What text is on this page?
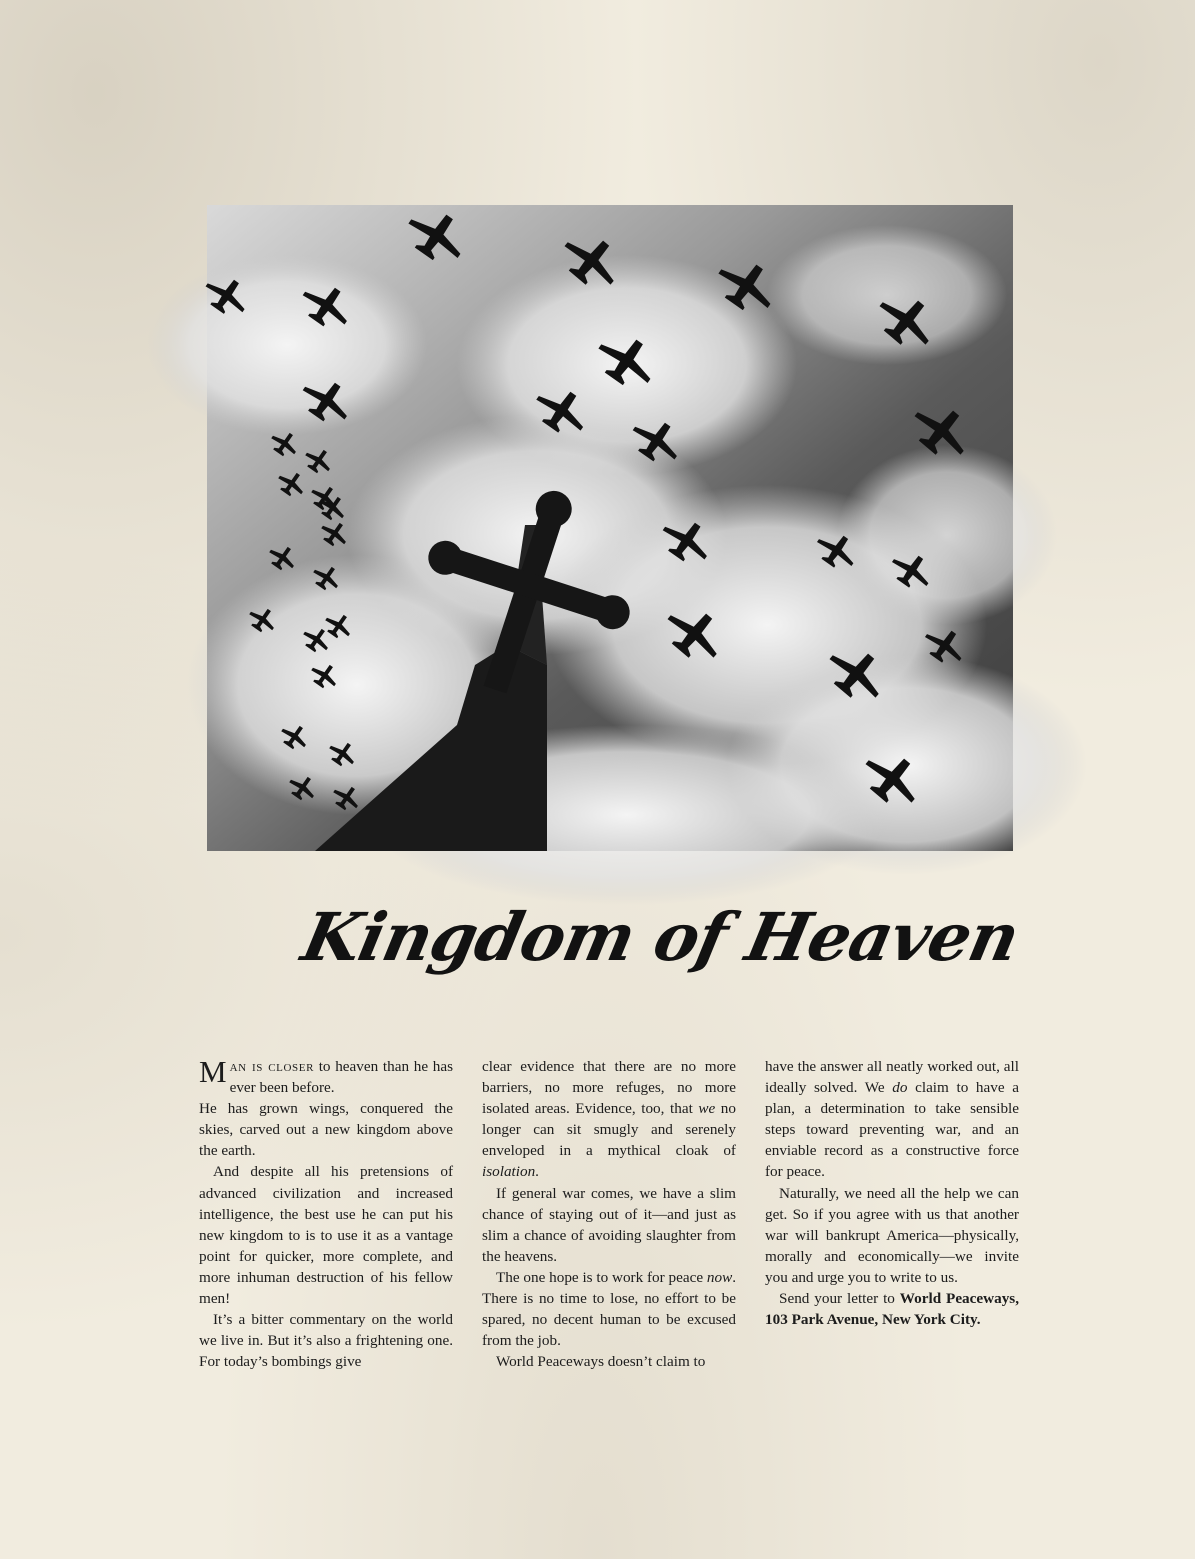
Kingdom of Heaven

Man is closer to heaven than he has ever been before.

He has grown wings, conquered the skies, carved out a new kingdom above the earth.

And despite all his pretensions of advanced civilization and increased intelligence, the best use he can put his new kingdom to is to use it as a vantage point for quicker, more complete, and more inhuman destruction of his fellow men!

It’s a bitter commentary on the world we live in. But it’s also a frightening one. For today’s bombings give

clear evidence that there are no more barriers, no more refuges, no more isolated areas. Evidence, too, that we no longer can sit smugly and serenely enveloped in a mythical cloak of isolation.

If general war comes, we have a slim chance of staying out of it—and just as slim a chance of avoiding slaughter from the heavens.

The one hope is to work for peace now. There is no time to lose, no effort to be spared, no decent human to be excused from the job.

World Peaceways doesn’t claim to

have the answer all neatly worked out, all ideally solved. We do claim to have a plan, a determination to take sensible steps toward preventing war, and an enviable record as a constructive force for peace.

Naturally, we need all the help we can get. So if you agree with us that another war will bankrupt America—physically, morally and economically—we invite you and urge you to write to us.

Send your letter to World Peaceways, 103 Park Avenue, New York City.
